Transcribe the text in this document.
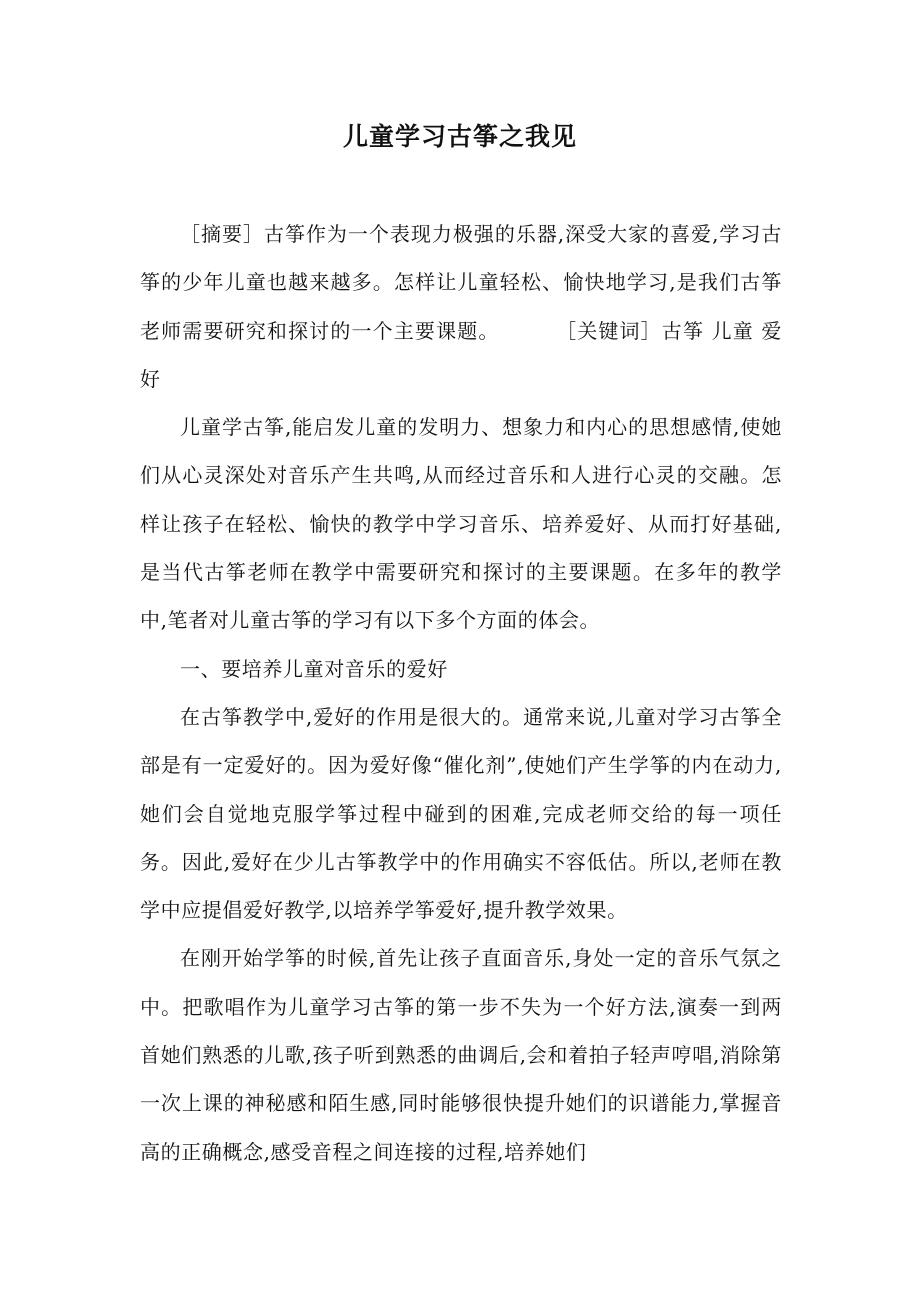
儿童学习古筝之我见

［摘要］古筝作为一个表现力极强的乐器,深受大家的喜爱,学习古筝的少年儿童也越来越多。怎样让儿童轻松、愉快地学习,是我们古筝老师需要研究和探讨的一个主要课题。	［关键词］古筝 儿童 爱好

儿童学古筝,能启发儿童的发明力、想象力和内心的思想感情,使她们从心灵深处对音乐产生共鸣,从而经过音乐和人进行心灵的交融。怎样让孩子在轻松、愉快的教学中学习音乐、培养爱好、从而打好基础,是当代古筝老师在教学中需要研究和探讨的主要课题。在多年的教学中,笔者对儿童古筝的学习有以下多个方面的体会。

一、要培养儿童对音乐的爱好

在古筝教学中,爱好的作用是很大的。通常来说,儿童对学习古筝全部是有一定爱好的。因为爱好像“催化剂”,使她们产生学筝的内在动力,她们会自觉地克服学筝过程中碰到的困难,完成老师交给的每一项任务。因此,爱好在少儿古筝教学中的作用确实不容低估。所以,老师在教学中应提倡爱好教学,以培养学筝爱好,提升教学效果。

在刚开始学筝的时候,首先让孩子直面音乐,身处一定的音乐气氛之中。把歌唱作为儿童学习古筝的第一步不失为一个好方法,演奏一到两首她们熟悉的儿歌,孩子听到熟悉的曲调后,会和着拍子轻声哼唱,消除第一次上课的神秘感和陌生感,同时能够很快提升她们的识谱能力,掌握音高的正确概念,感受音程之间连接的过程,培养她们
